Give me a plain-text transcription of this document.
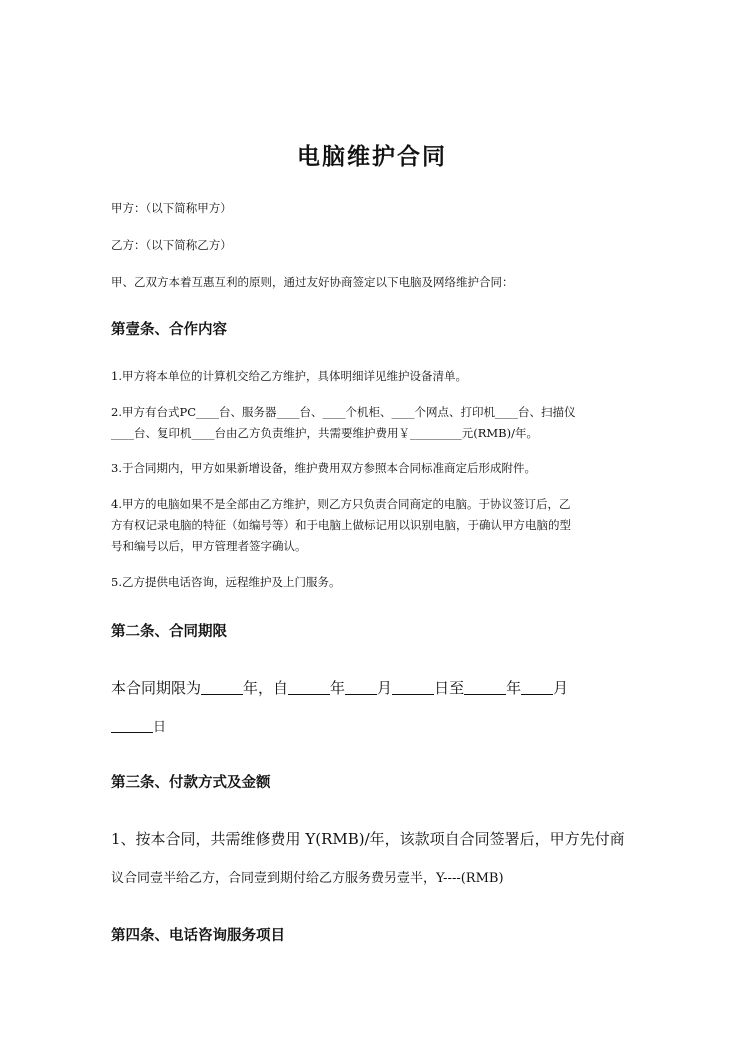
电脑维护合同
甲方：（以下简称甲方）
乙方：（以下简称乙方）
甲、乙双方本着互惠互利的原则，通过友好协商签定以下电脑及网络维护合同：
第壹条、合作内容
1.甲方将本单位的计算机交给乙方维护，具体明细详见维护设备清单。
2.甲方有台式PC____台、服务器____台、____个机柜、____个网点、打印机____台、扫描仪
____台、复印机____台由乙方负责维护，共需要维护费用￥_________元(RMB)/年。
3.于合同期内，甲方如果新增设备，维护费用双方参照本合同标准商定后形成附件。
4.甲方的电脑如果不是全部由乙方维护，则乙方只负责合同商定的电脑。于协议签订后，乙
方有权记录电脑的特征（如编号等）和于电脑上做标记用以识别电脑，于确认甲方电脑的型
号和编号以后，甲方管理者签字确认。
5.乙方提供电话咨询，远程维护及上门服务。
第二条、合同期限
本合同期限为	年，自	年 月	日至	年 月
日
第三条、付款方式及金额
1、按本合同，共需维修费用 Y(RMB)/年，该款项自合同签署后，甲方先付商
议合同壹半给乙方，合同壹到期付给乙方服务费另壹半，Y----(RMB)
第四条、电话咨询服务项目
